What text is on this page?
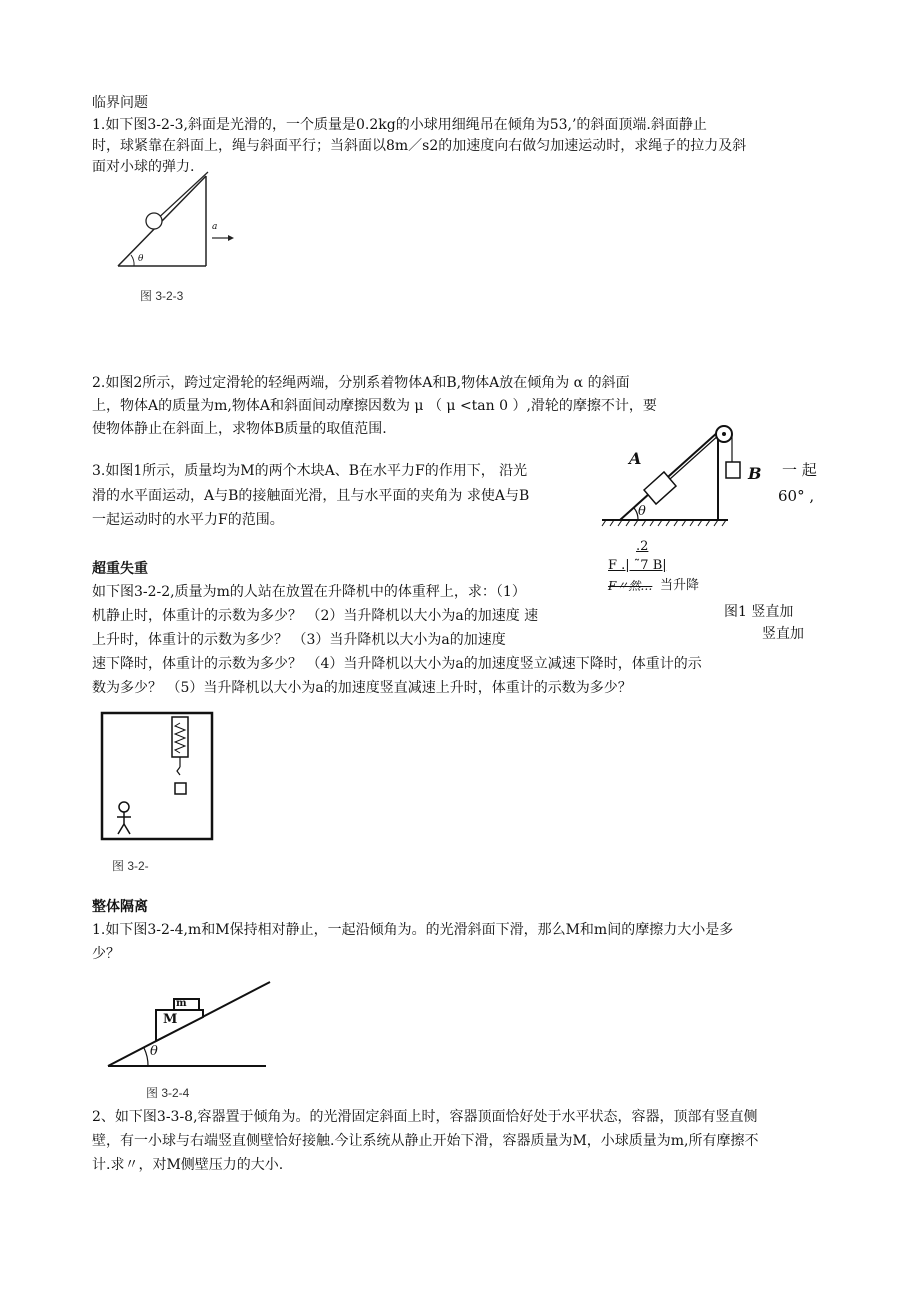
临界问题
1.如下图3-2-3,斜面是光滑的，一个质量是0.2kg的小球用细绳吊在倾角为53,’的斜面顶端.斜面静止
时，球紧靠在斜面上，绳与斜面平行；当斜面以8m／s2的加速度向右做匀加速运动时，求绳子的拉力及斜
面对小球的弹力.
a
θ
图 3-2-3
2.如图2所示，跨过定滑轮的轻绳两端，分别系着物体A和B,物体A放在倾角为 α 的斜面
上，物体A的质量为m,物体A和斜面间动摩擦因数为 μ （ μ <tan 0 ）,滑轮的摩擦不计，要
使物体静止在斜面上，求物体B质量的取值范围.
A
B
θ
3.如图1所示，质量均为M的两个木块A、B在水平力F的作用下， 沿光
滑的水平面运动，A与B的接触面光滑，且与水平面的夹角为 求使A与B
一起运动时的水平力F的范围。
一 起
60° ,
.2
F .| ˜7 B|
F〃然… 当升降
图1 竖直加
竖直加
超重失重
如下图3-2-2,质量为m的人站在放置在升降机中的体重秤上，求：（1）
机静止时，体重计的示数为多少？ （2）当升降机以大小为a的加速度 速
上升时，体重计的示数为多少？ （3）当升降机以大小为a的加速度
速下降时，体重计的示数为多少？ （4）当升降机以大小为a的加速度竖立减速下降时，体重计的示
数为多少？ （5）当升降机以大小为a的加速度竖直减速上升时，体重计的示数为多少？
图 3-2-
整体隔离
1.如下图3-2-4,m和M保持相对静止，一起沿倾角为。的光滑斜面下滑，那么M和m间的摩擦力大小是多
少？
m
M
θ
图 3-2-4
2、如下图3-3-8,容器置于倾角为。的光滑固定斜面上时，容器顶面恰好处于水平状态，容器，顶部有竖直侧
壁，有一小球与右端竖直侧壁恰好接触.今让系统从静止开始下滑，容器质量为M，小球质量为m,所有摩擦不
计.求〃，对M侧壁压力的大小.
